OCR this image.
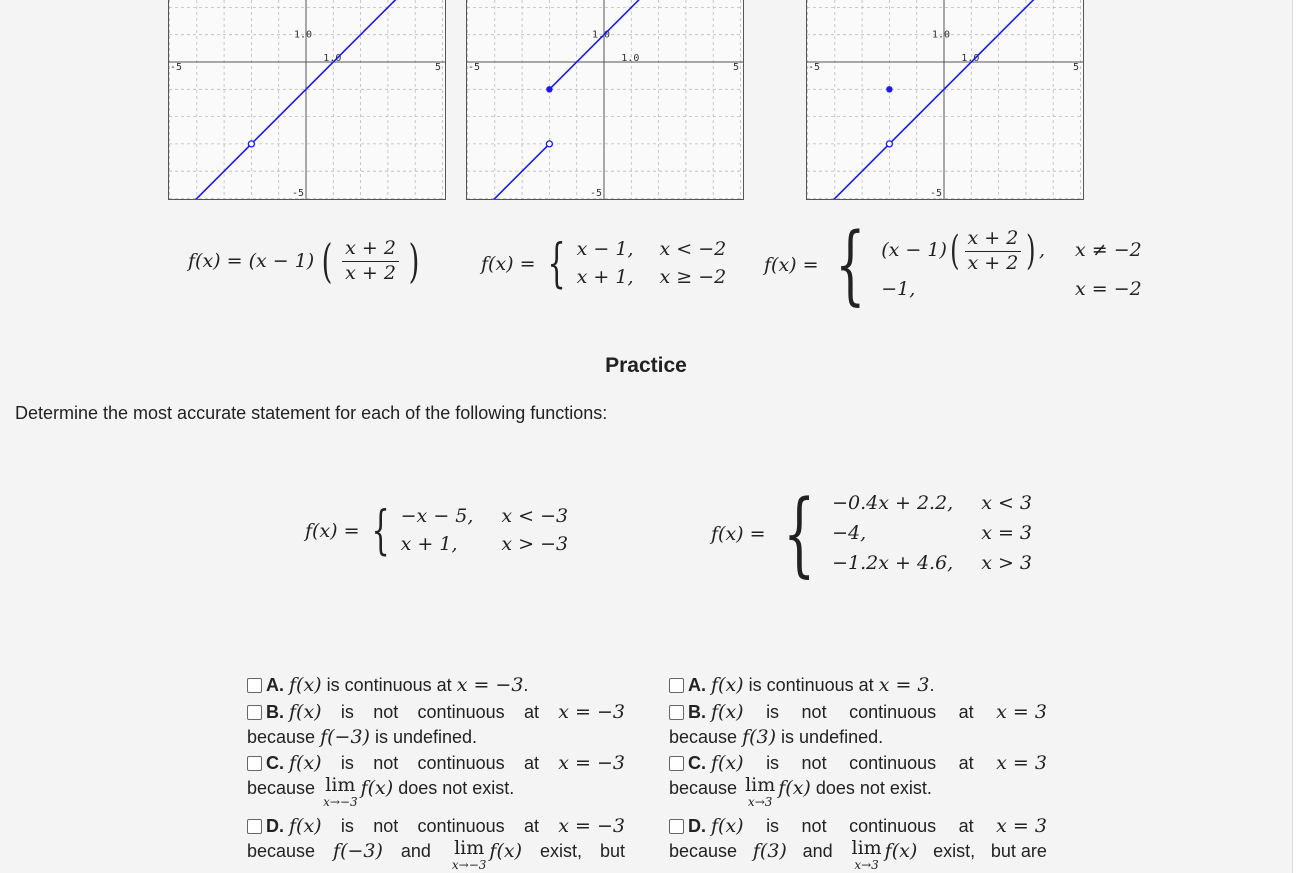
1.0
1.0
-5	5
-5
1.0
1.0
-5	5
-5
1.0
1.0
-5	5
-5
f(x) = (x − 1) ( $\frac{x + 2}{x + 2}$ )	f(x) = { x − 1, x < −2
x + 1, x ≥ −2
f(x) = { (x − 1) ( $\frac{x + 2}{x + 2}$ ) , x ≠ −2
−1,	x = −2
Practice
Determine the most accurate statement for each of the following functions:
f(x) = { −x − 5, x < −3
x + 1,	x > −3	f(x) = { −0.4x + 2.2, x < 3
−4,	x = 3
−1.2x + 4.6, x > 3
A. f(x)
is continuous at
x = −3 .
B. f(x) is not continuous at x = −3
because f(−3) is undefined.
C. f(x) is not continuous at x = −3
because lim
x→−3
f(x) does not exist.
D. f(x) is not continuous at x = −3
because f(−3) and lim
x→−3
f(x) exist, but
A. f(x)
is continuous at
x = 3 .
B. f(x) is not continuous at x = 3
because f(3) is undefined.
C. f(x) is not continuous at x = 3
because lim
x→3
f(x) does not exist.
D. f(x) is not continuous at x = 3
because f(3) and lim
x→3
f(x) exist, but are
